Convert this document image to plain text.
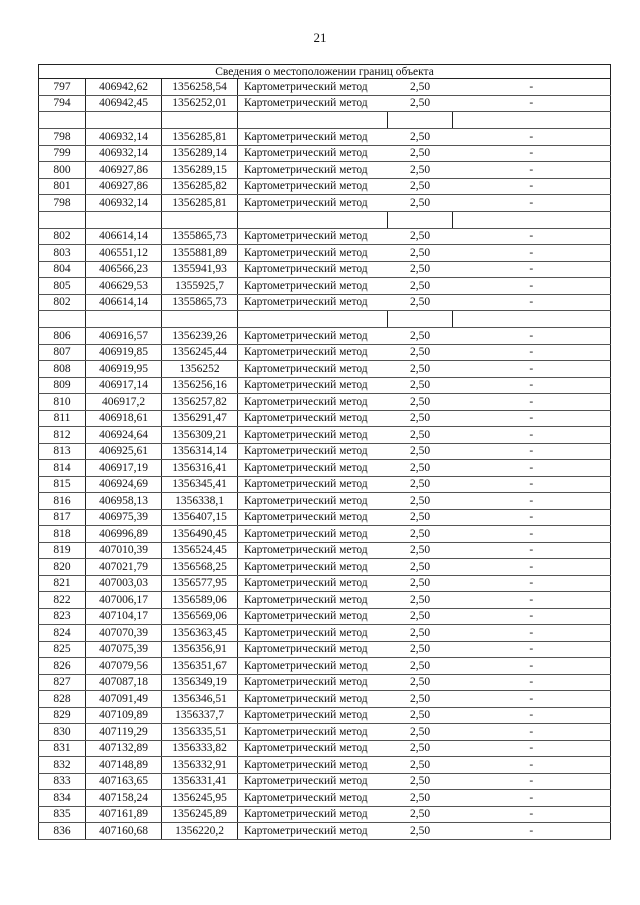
21
Сведения о местоположении границ объекта					
797	406942,62	1356258,54	Картометрический метод	2,50	-
794	406942,45	1356252,01	Картометрический метод	2,50	-

798	406932,14	1356285,81	Картометрический метод	2,50	-
799	406932,14	1356289,14	Картометрический метод	2,50	-
800	406927,86	1356289,15	Картометрический метод	2,50	-
801	406927,86	1356285,82	Картометрический метод	2,50	-
798	406932,14	1356285,81	Картометрический метод	2,50	-

802	406614,14	1355865,73	Картометрический метод	2,50	-
803	406551,12	1355881,89	Картометрический метод	2,50	-
804	406566,23	1355941,93	Картометрический метод	2,50	-
805	406629,53	1355925,7	Картометрический метод	2,50	-
802	406614,14	1355865,73	Картометрический метод	2,50	-

806	406916,57	1356239,26	Картометрический метод	2,50	-
807	406919,85	1356245,44	Картометрический метод	2,50	-
808	406919,95	1356252	Картометрический метод	2,50	-
809	406917,14	1356256,16	Картометрический метод	2,50	-
810	406917,2	1356257,82	Картометрический метод	2,50	-
811	406918,61	1356291,47	Картометрический метод	2,50	-
812	406924,64	1356309,21	Картометрический метод	2,50	-
813	406925,61	1356314,14	Картометрический метод	2,50	-
814	406917,19	1356316,41	Картометрический метод	2,50	-
815	406924,69	1356345,41	Картометрический метод	2,50	-
816	406958,13	1356338,1	Картометрический метод	2,50	-
817	406975,39	1356407,15	Картометрический метод	2,50	-
818	406996,89	1356490,45	Картометрический метод	2,50	-
819	407010,39	1356524,45	Картометрический метод	2,50	-
820	407021,79	1356568,25	Картометрический метод	2,50	-
821	407003,03	1356577,95	Картометрический метод	2,50	-
822	407006,17	1356589,06	Картометрический метод	2,50	-
823	407104,17	1356569,06	Картометрический метод	2,50	-
824	407070,39	1356363,45	Картометрический метод	2,50	-
825	407075,39	1356356,91	Картометрический метод	2,50	-
826	407079,56	1356351,67	Картометрический метод	2,50	-
827	407087,18	1356349,19	Картометрический метод	2,50	-
828	407091,49	1356346,51	Картометрический метод	2,50	-
829	407109,89	1356337,7	Картометрический метод	2,50	-
830	407119,29	1356335,51	Картометрический метод	2,50	-
831	407132,89	1356333,82	Картометрический метод	2,50	-
832	407148,89	1356332,91	Картометрический метод	2,50	-
833	407163,65	1356331,41	Картометрический метод	2,50	-
834	407158,24	1356245,95	Картометрический метод	2,50	-
835	407161,89	1356245,89	Картометрический метод	2,50	-
836	407160,68	1356220,2	Картометрический метод	2,50	-
